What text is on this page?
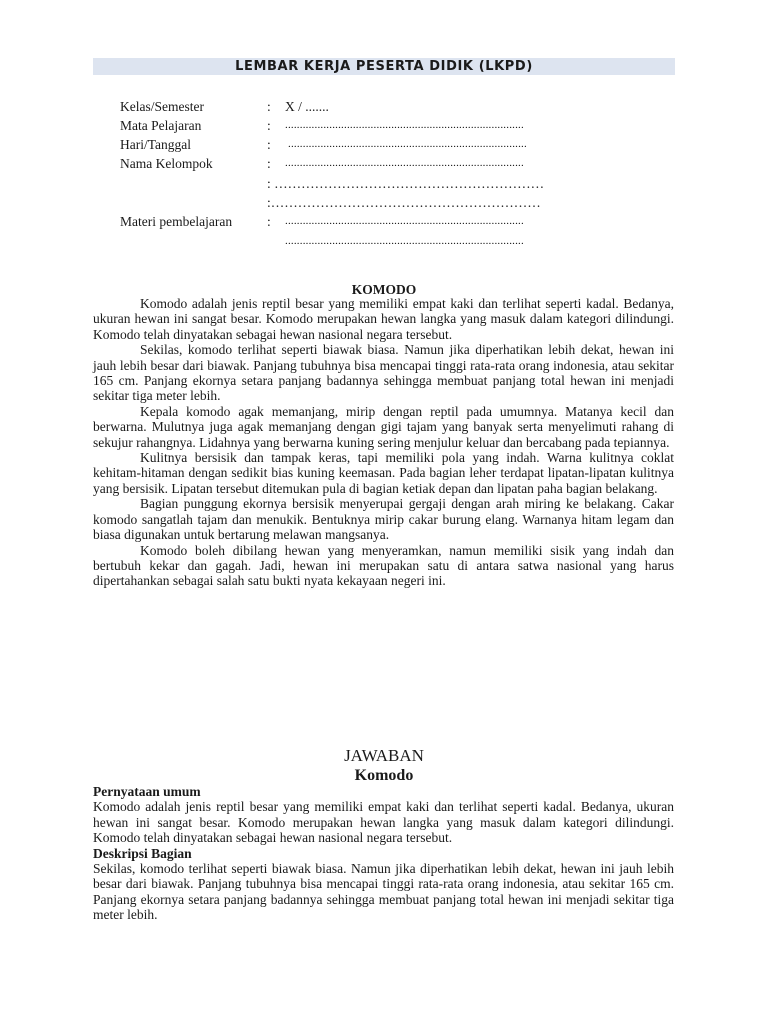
LEMBAR KERJA PESERTA DIDIK (LKPD)
Kelas/Semester	: X / .......
Mata Pelajaran	: .................................................................................
Hari/Tanggal	: .................................................................................
Nama Kelompok	: .................................................................................
: ……………………………………………………
:……………………………………………………
Materi pembelajaran	: .................................................................................
.................................................................................
KOMODO

Komodo adalah jenis reptil besar yang memiliki empat kaki dan terlihat seperti kadal. Bedanya, ukuran hewan ini sangat besar. Komodo merupakan hewan langka yang masuk dalam kategori dilindungi. Komodo telah dinyatakan sebagai hewan nasional negara tersebut.

Sekilas, komodo terlihat seperti biawak biasa. Namun jika diperhatikan lebih dekat, hewan ini jauh lebih besar dari biawak. Panjang tubuhnya bisa mencapai tinggi rata-rata orang indonesia, atau sekitar 165 cm. Panjang ekornya setara panjang badannya sehingga membuat panjang total hewan ini menjadi sekitar tiga meter lebih.

Kepala komodo agak memanjang, mirip dengan reptil pada umumnya. Matanya kecil dan berwarna. Mulutnya juga agak memanjang dengan gigi tajam yang banyak serta menyelimuti rahang di sekujur rahangnya. Lidahnya yang berwarna kuning sering menjulur keluar dan bercabang pada tepiannya.

Kulitnya bersisik dan tampak keras, tapi memiliki pola yang indah. Warna kulitnya coklat kehitam-hitaman dengan sedikit bias kuning keemasan. Pada bagian leher terdapat lipatan-lipatan kulitnya yang bersisik. Lipatan tersebut ditemukan pula di bagian ketiak depan dan lipatan paha bagian belakang.

Bagian punggung ekornya bersisik menyerupai gergaji dengan arah miring ke belakang. Cakar komodo sangatlah tajam dan menukik. Bentuknya mirip cakar burung elang. Warnanya hitam legam dan biasa digunakan untuk bertarung melawan mangsanya.

Komodo boleh dibilang hewan yang menyeramkan, namun memiliki sisik yang indah dan bertubuh kekar dan gagah. Jadi, hewan ini merupakan satu di antara satwa nasional yang harus dipertahankan sebagai salah satu bukti nyata kekayaan negeri ini.

JAWABAN
Komodo
Pernyataan umum

Komodo adalah jenis reptil besar yang memiliki empat kaki dan terlihat seperti kadal. Bedanya, ukuran hewan ini sangat besar. Komodo merupakan hewan langka yang masuk dalam kategori dilindungi. Komodo telah dinyatakan sebagai hewan nasional negara tersebut.

Deskripsi Bagian

Sekilas, komodo terlihat seperti biawak biasa. Namun jika diperhatikan lebih dekat, hewan ini jauh lebih besar dari biawak. Panjang tubuhnya bisa mencapai tinggi rata-rata orang indonesia, atau sekitar 165 cm. Panjang ekornya setara panjang badannya sehingga membuat panjang total hewan ini menjadi sekitar tiga meter lebih.
